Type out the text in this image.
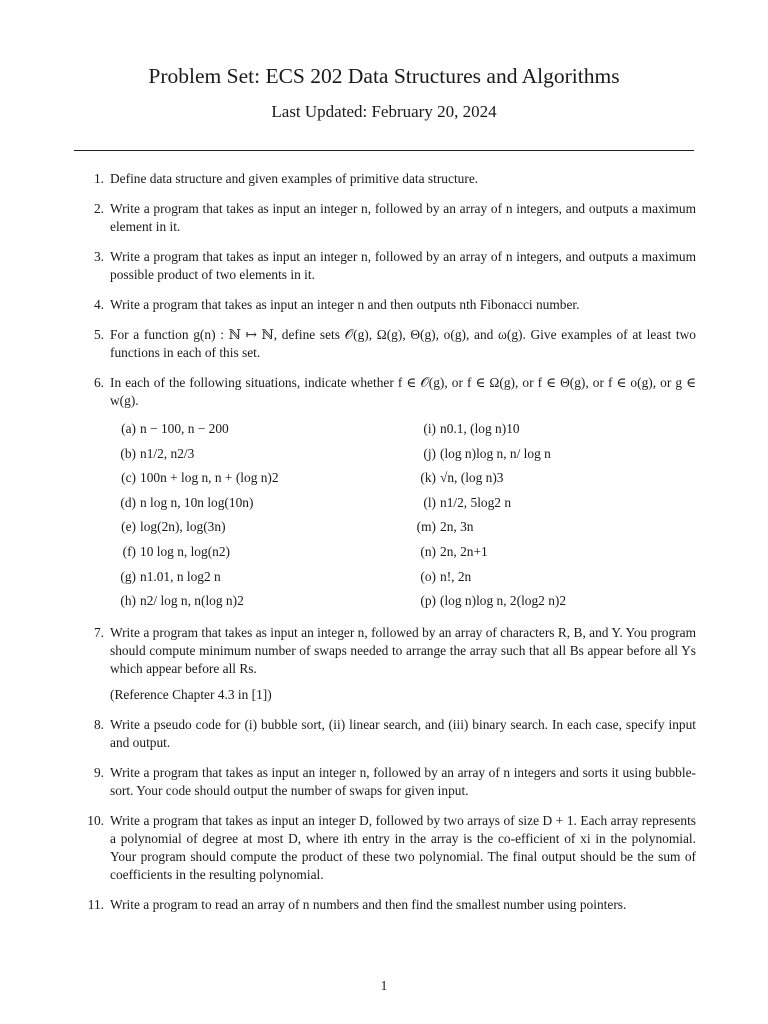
Problem Set: ECS 202 Data Structures and Algorithms
Last Updated: February 20, 2024
1. Define data structure and given examples of primitive data structure.
2. Write a program that takes as input an integer n, followed by an array of n integers, and outputs a maximum element in it.
3. Write a program that takes as input an integer n, followed by an array of n integers, and outputs a maximum possible product of two elements in it.
4. Write a program that takes as input an integer n and then outputs nth Fibonacci number.
5. For a function g(n) : ℕ ↦ ℕ, define sets 𝒪(g), Ω(g), Θ(g), o(g), and ω(g). Give examples of at least two functions in each of this set.
6. In each of the following situations, indicate whether f ∈ 𝒪(g), or f ∈ Ω(g), or f ∈ Θ(g), or f ∈ o(g), or g ∈ w(g).
(a) n − 100, n − 200	(i) n0.1, (log n)10
(b) n1/2, n2/3	(j) (log n)log n, n/ log n
(c) 100n + log n, n + (log n)2	(k) √n, (log n)3
(d) n log n, 10n log(10n)	(l) n1/2, 5log2 n
(e) log(2n), log(3n)	(m) 2n, 3n
(f) 10 log n, log(n2)	(n) 2n, 2n+1
(g) n1.01, n log2 n	(o) n!, 2n
(h) n2/ log n, n(log n)2	(p) (log n)log n, 2(log2 n)2
7. Write a program that takes as input an integer n, followed by an array of characters R, B, and Y. You program should compute minimum number of swaps needed to arrange the array such that all Bs appear before all Ys which appear before all Rs.
(Reference Chapter 4.3 in [1])
8. Write a pseudo code for (i) bubble sort, (ii) linear search, and (iii) binary search. In each case, specify input and output.
9. Write a program that takes as input an integer n, followed by an array of n integers and sorts it using bubble-sort. Your code should output the number of swaps for given input.
10. Write a program that takes as input an integer D, followed by two arrays of size D + 1. Each array represents a polynomial of degree at most D, where ith entry in the array is the co-efficient of xi in the polynomial. Your program should compute the product of these two polynomial. The final output should be the sum of coefficients in the resulting polynomial.
11. Write a program to read an array of n numbers and then find the smallest number using pointers.
1
